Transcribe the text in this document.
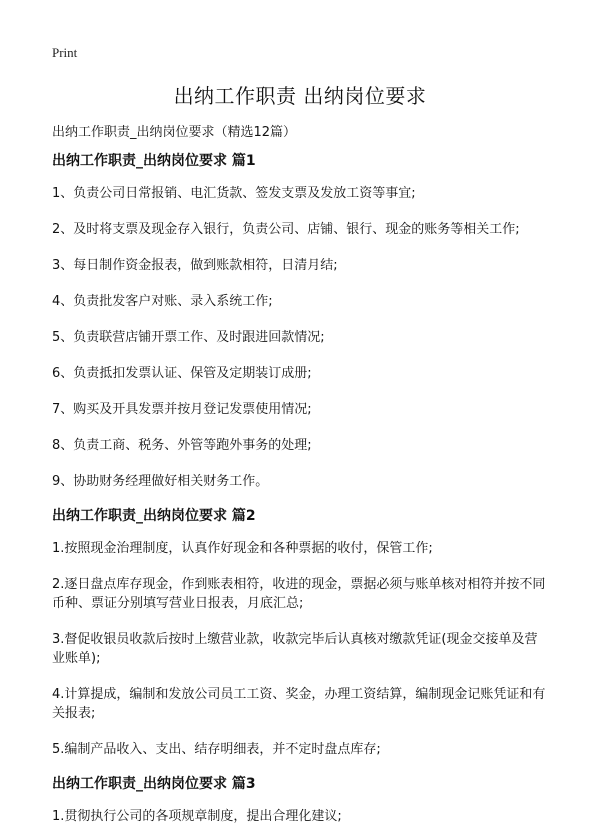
Print
出纳工作职责 出纳岗位要求
出纳工作职责_出纳岗位要求（精选12篇）
出纳工作职责_出纳岗位要求 篇1
1、负责公司日常报销、电汇货款、签发支票及发放工资等事宜;
2、及时将支票及现金存入银行，负责公司、店铺、银行、现金的账务等相关工作;
3、每日制作资金报表，做到账款相符，日清月结;
4、负责批发客户对账、录入系统工作;
5、负责联营店铺开票工作、及时跟进回款情况;
6、负责抵扣发票认证、保管及定期装订成册;
7、购买及开具发票并按月登记发票使用情况;
8、负责工商、税务、外管等跑外事务的处理;
9、协助财务经理做好相关财务工作。
出纳工作职责_出纳岗位要求 篇2
1.按照现金治理制度，认真作好现金和各种票据的收付，保管工作;
2.逐日盘点库存现金，作到账表相符，收进的现金，票据必须与账单核对相符并按不同币种、票证分别填写营业日报表，月底汇总;
3.督促收银员收款后按时上缴营业款，收款完毕后认真核对缴款凭证(现金交接单及营业账单);
4.计算提成，编制和发放公司员工工资、奖金，办理工资结算，编制现金记账凭证和有关报表;
5.编制产品收入、支出、结存明细表，并不定时盘点库存;
出纳工作职责_出纳岗位要求 篇3
1.贯彻执行公司的各项规章制度，提出合理化建议;
